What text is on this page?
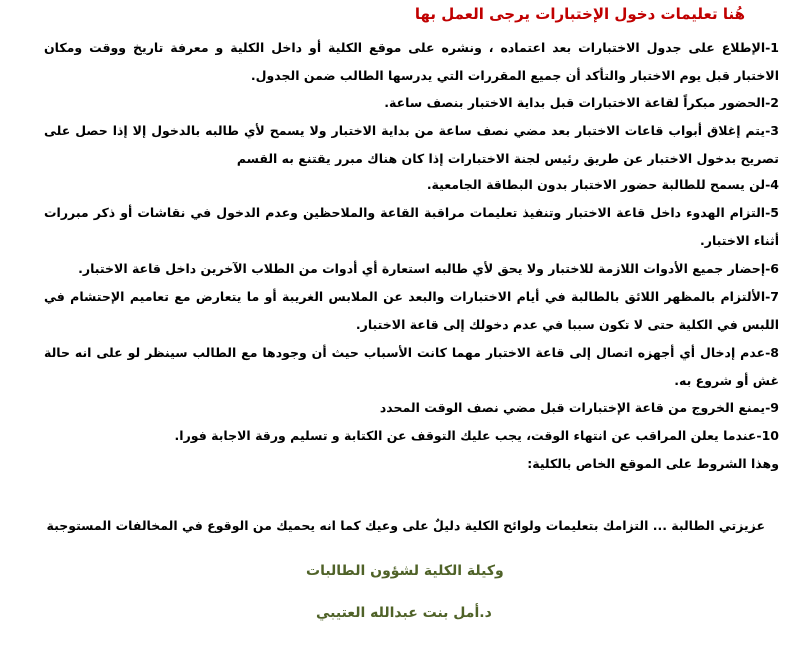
هُنا تعليمات دخول الإختبارات يرجى العمل بها
1-الإطلاع على جدول الاختبارات بعد اعتماده ، ونشره على موقع الكلية أو داخل الكلية و معرفة تاريخ ووقت ومكان الاختبار قبل يوم الاختبار والتأكد أن جميع المقررات التي يدرسها الطالب ضمن الجدول.
2-الحضور مبكراً لقاعة الاختبارات قبل بداية الاختبار بنصف ساعة.
3-يتم إغلاق أبواب قاعات الاختبار بعد مضي نصف ساعة من بداية الاختبار ولا يسمح لأي طالبه بالدخول إلا إذا حصل على تصريح بدخول الاختبار عن طريق رئيس لجنة الاختبارات إذا كان هناك مبرر يقتنع به القسم
4-لن يسمح للطالبة حضور الاختبار بدون البطاقة الجامعية.
5-التزام الهدوء داخل قاعة الاختبار وتنفيذ تعليمات مراقبة القاعة والملاحظين وعدم الدخول في نقاشات أو ذكر مبررات أثناء الاختبار.
6-إحضار جميع الأدوات اللازمة للاختبار ولا يحق لأي طالبه استعارة أي أدوات من الطلاب الآخرين داخل قاعة الاختبار.
7-الألتزام بالمظهر اللائق بالطالبة في أيام الاختبارات والبعد عن الملابس الغريبة أو ما يتعارض مع تعاميم الإحتشام في اللبس في الكلية حتى لا تكون سببا في عدم دخولك إلى قاعة الاختبار.
8-عدم إدخال أي أجهزه اتصال إلى قاعة الاختبار مهما كانت الأسباب حيث أن وجودها مع الطالب سينظر لو على انه حالة غش أو شروع به.
9-يمنع الخروج من قاعة الإختبارات قبل مضي نصف الوقت المحدد
10-عندما يعلن المراقب عن انتهاء الوقت، يجب عليك التوقف عن الكتابة و تسليم ورقة الاجابة فورا.
وهذا الشروط على الموقع الخاص بالكلية:
عزيزتي الطالبة ... التزامك بتعليمات ولوائح الكلية دليلٌ على وعيك كما انه يحميك من الوقوع في المخالفات المستوجبة
وكيلة الكلية لشؤون الطالبات
د.أمل بنت عبدالله العتيبي
